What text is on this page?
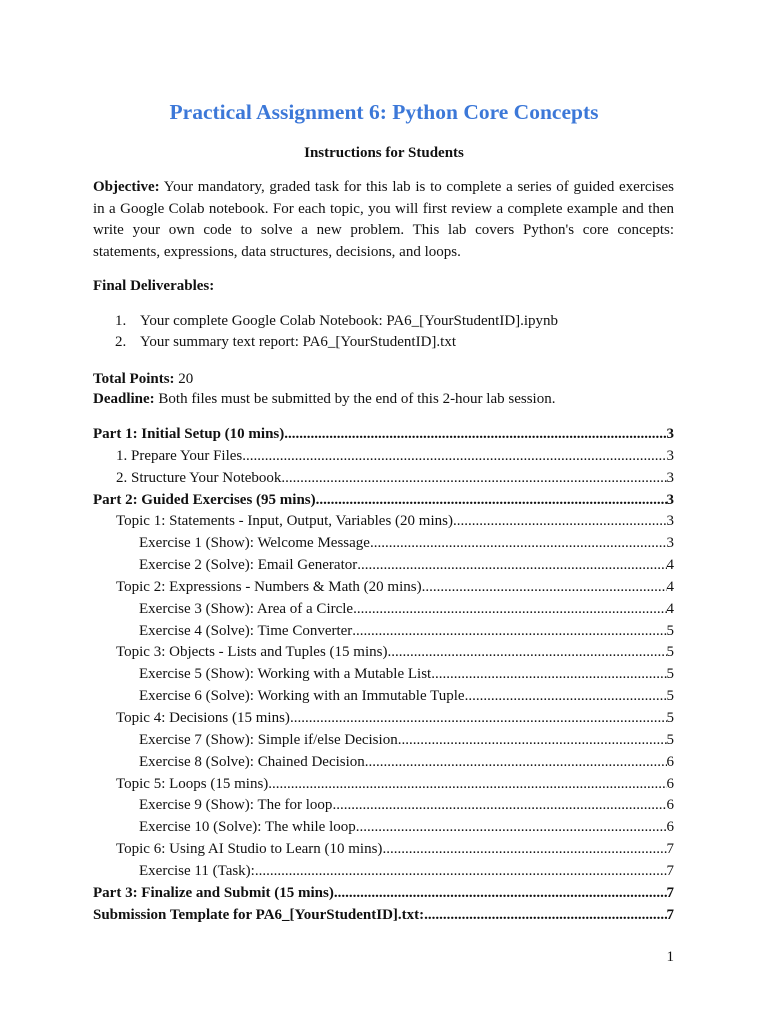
Practical Assignment 6: Python Core Concepts
Instructions for Students
Objective: Your mandatory, graded task for this lab is to complete a series of guided exercises in a Google Colab notebook. For each topic, you will first review a complete example and then write your own code to solve a new problem. This lab covers Python's core concepts: statements, expressions, data structures, decisions, and loops.
Final Deliverables:
1. Your complete Google Colab Notebook: PA6_[YourStudentID].ipynb
2. Your summary text report: PA6_[YourStudentID].txt
Total Points: 20
Deadline: Both files must be submitted by the end of this 2-hour lab session.
Part 1: Initial Setup (10 mins) .....	3
1. Prepare Your Files .....	3
2. Structure Your Notebook .....	3
Part 2: Guided Exercises (95 mins) .....	3
Topic 1: Statements - Input, Output, Variables (20 mins) .....	3
Exercise 1 (Show): Welcome Message .....	3
Exercise 2 (Solve): Email Generator .....	4
Topic 2: Expressions - Numbers & Math (20 mins) .....	4
Exercise 3 (Show): Area of a Circle .....	4
Exercise 4 (Solve): Time Converter .....	5
Topic 3: Objects - Lists and Tuples (15 mins) .....	5
Exercise 5 (Show): Working with a Mutable List .....	5
Exercise 6 (Solve): Working with an Immutable Tuple .....	5
Topic 4: Decisions (15 mins) .....	5
Exercise 7 (Show): Simple if/else Decision .....	5
Exercise 8 (Solve): Chained Decision .....	6
Topic 5: Loops (15 mins) .....	6
Exercise 9 (Show): The for loop .....	6
Exercise 10 (Solve): The while loop .....	6
Topic 6: Using AI Studio to Learn (10 mins) .....	7
Exercise 11 (Task): .....	7
Part 3: Finalize and Submit (15 mins) .....	7
Submission Template for PA6_[YourStudentID].txt: .....	7
1
